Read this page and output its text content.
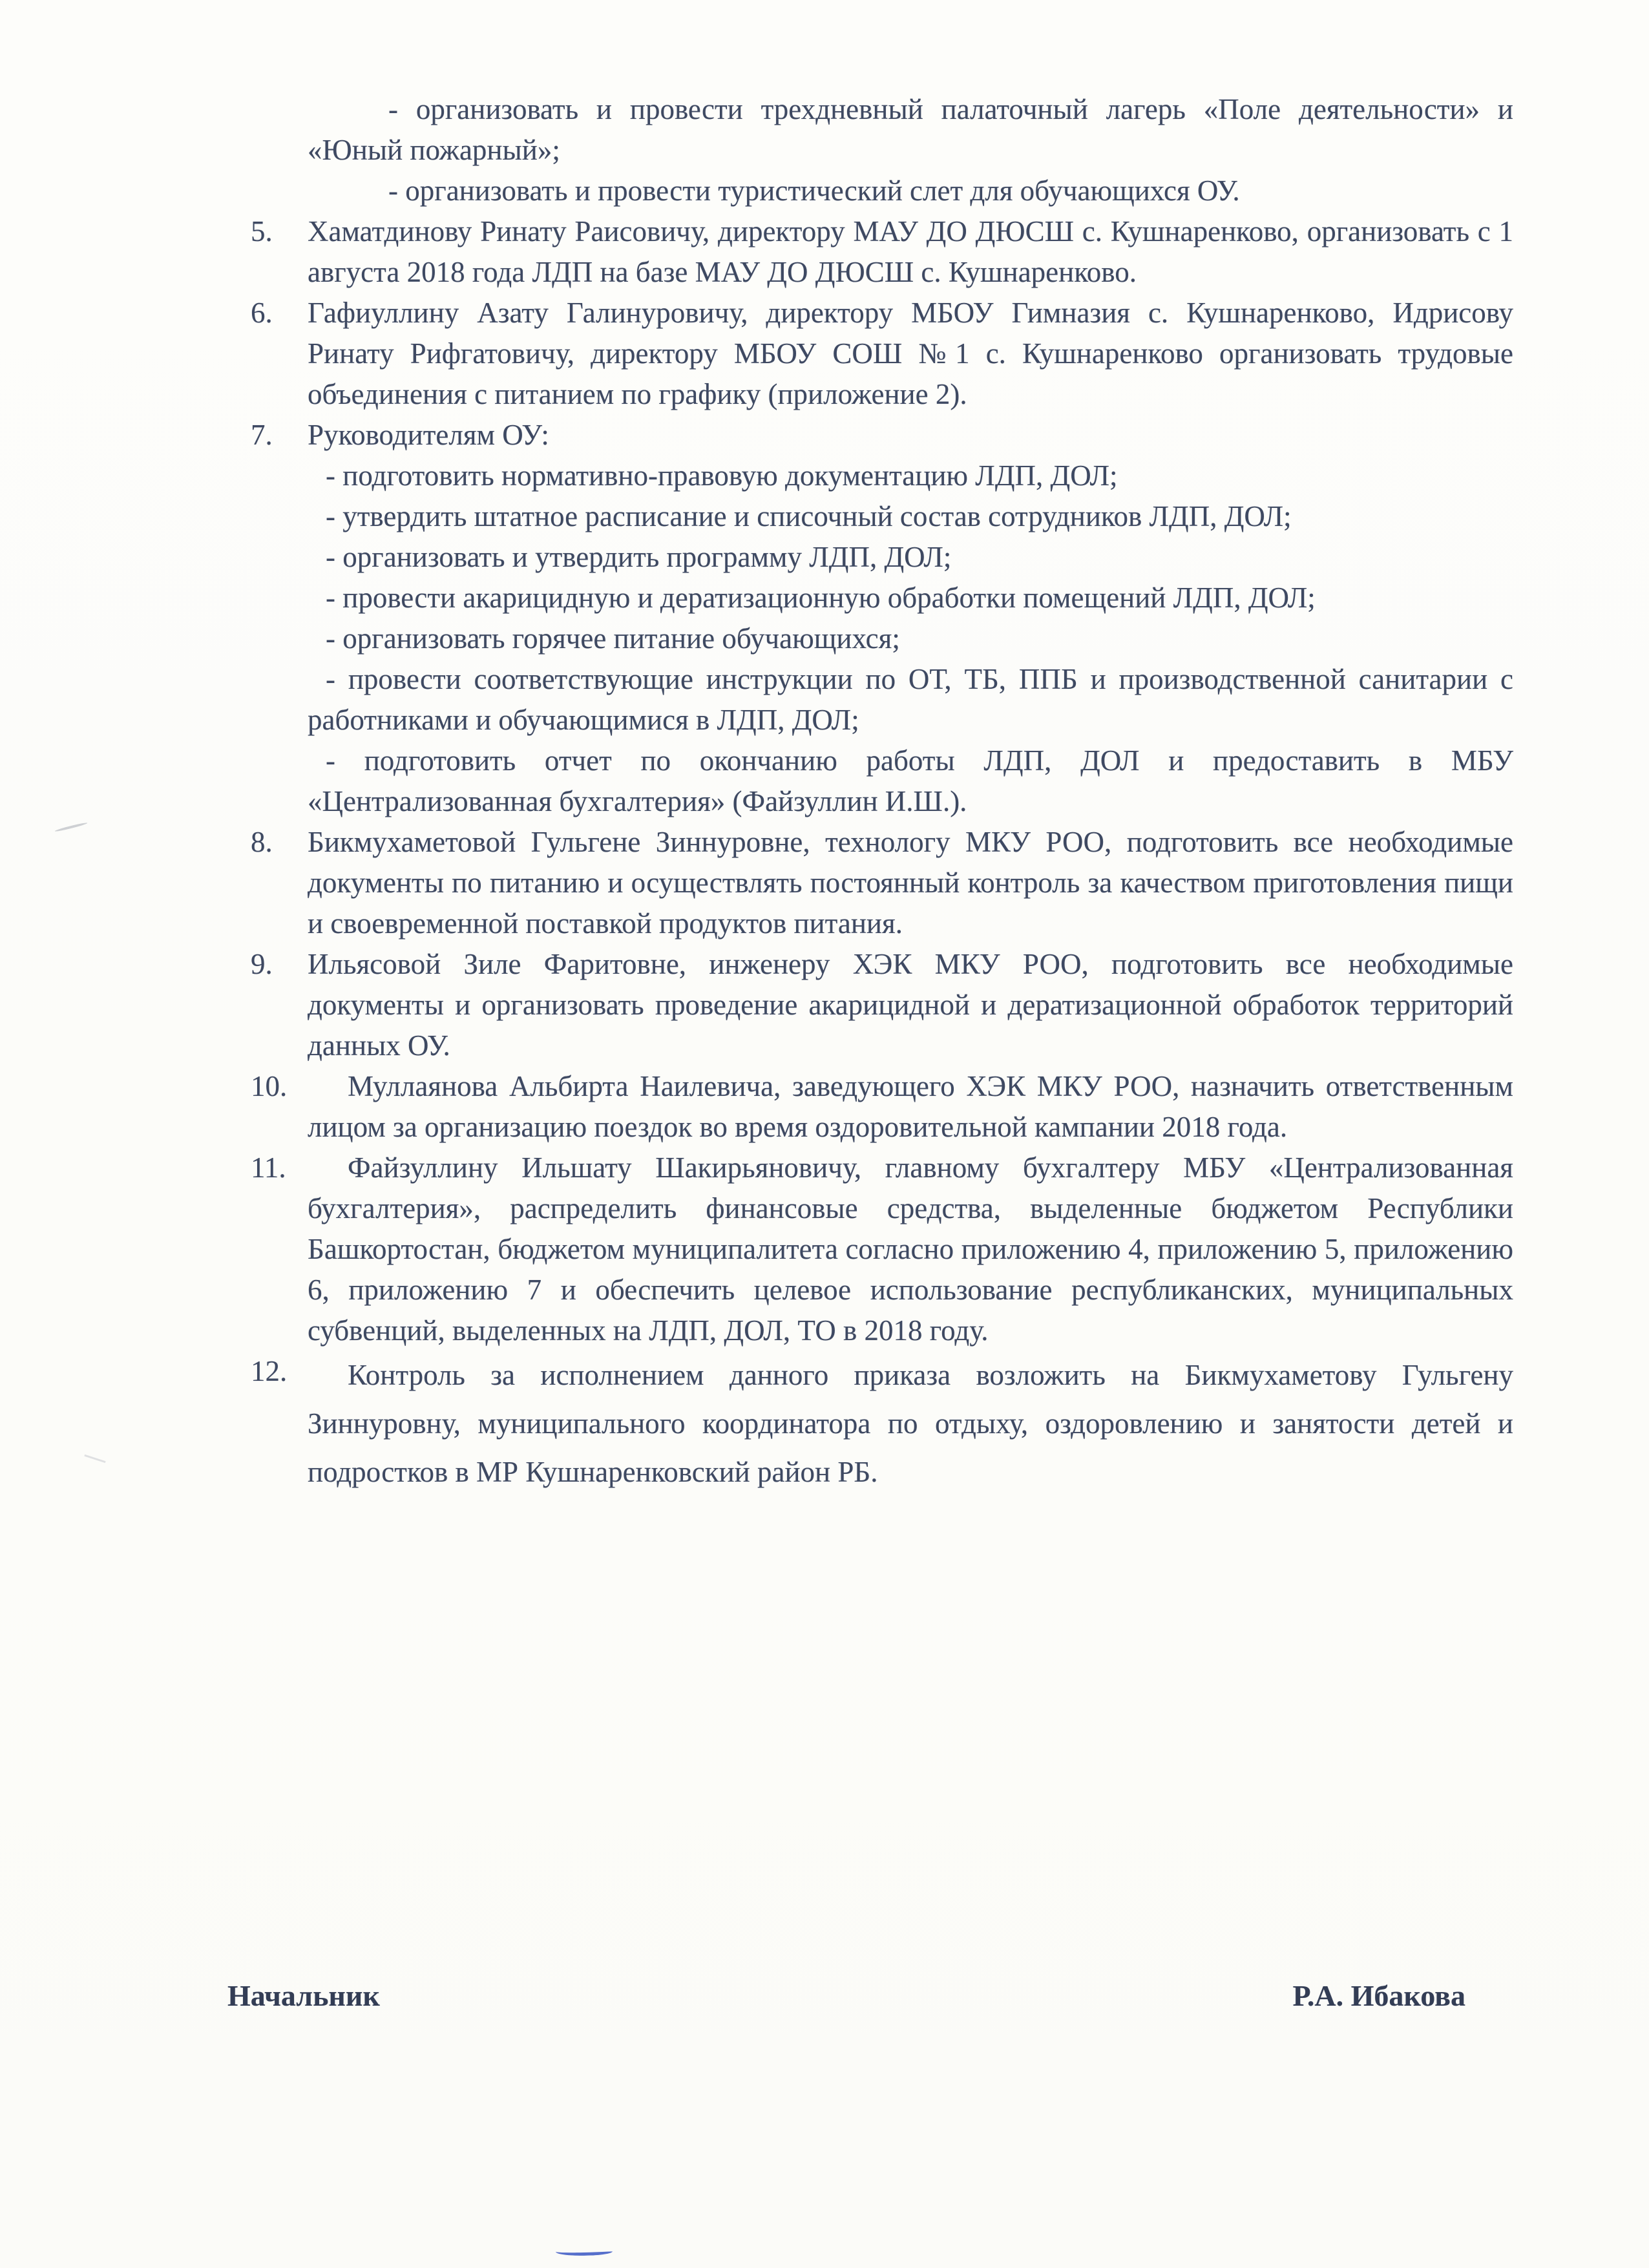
- организовать и провести трехдневный палаточный лагерь «Поле деятельности» и «Юный пожарный»;

- организовать и провести туристический слет для обучающихся ОУ.

5.	Хаматдинову Ринату Раисовичу, директору МАУ ДО ДЮСШ с. Кушнаренково, организовать с 1 августа 2018 года ЛДП на базе МАУ ДО ДЮСШ с. Кушнаренково.

6.	Гафиуллину Азату Галинуровичу, директору МБОУ Гимназия с. Кушнаренково, Идрисову Ринату Рифгатовичу, директору МБОУ СОШ №1 с. Кушнаренково организовать трудовые объединения с питанием по графику (приложение 2).

7.	Руководителям ОУ:

- подготовить нормативно-правовую документацию ЛДП, ДОЛ;

- утвердить штатное расписание и списочный состав сотрудников ЛДП, ДОЛ;

- организовать и утвердить программу ЛДП, ДОЛ;

- провести акарицидную и дератизационную обработки помещений ЛДП, ДОЛ;

- организовать горячее питание обучающихся;

- провести соответствующие инструкции по ОТ, ТБ, ППБ и производственной санитарии с работниками и обучающимися в ЛДП, ДОЛ;

- подготовить отчет по окончанию работы ЛДП, ДОЛ и предоставить в МБУ «Централизованная бухгалтерия» (Файзуллин И.Ш.).

8.	Бикмухаметовой Гульгене Зиннуровне, технологу МКУ РОО, подготовить все необходимые документы по питанию и осуществлять постоянный контроль за качеством приготовления пищи и своевременной поставкой продуктов питания.

9.	Ильясовой Зиле Фаритовне, инженеру ХЭК МКУ РОО, подготовить все необходимые документы и организовать проведение акарицидной и дератизационной обработок территорий данных ОУ.

10.	Муллаянова Альбирта Наилевича, заведующего ХЭК МКУ РОО, назначить ответственным лицом за организацию поездок во время оздоровительной кампании 2018 года.

11.	Файзуллину Ильшату Шакирьяновичу, главному бухгалтеру МБУ «Централизованная бухгалтерия», распределить финансовые средства, выделенные бюджетом Республики Башкортостан, бюджетом муниципалитета согласно приложению 4, приложению 5, приложению 6, приложению 7 и обеспечить целевое использование республиканских, муниципальных субвенций, выделенных на ЛДП, ДОЛ, ТО в 2018 году.

12.	Контроль за исполнением данного приказа возложить на Бикмухаметову Гульгену Зиннуровну, муниципального координатора по отдыху, оздоровлению и занятости детей и подростков в МР Кушнаренковский район РБ.

Начальник	Р.А. Ибакова
